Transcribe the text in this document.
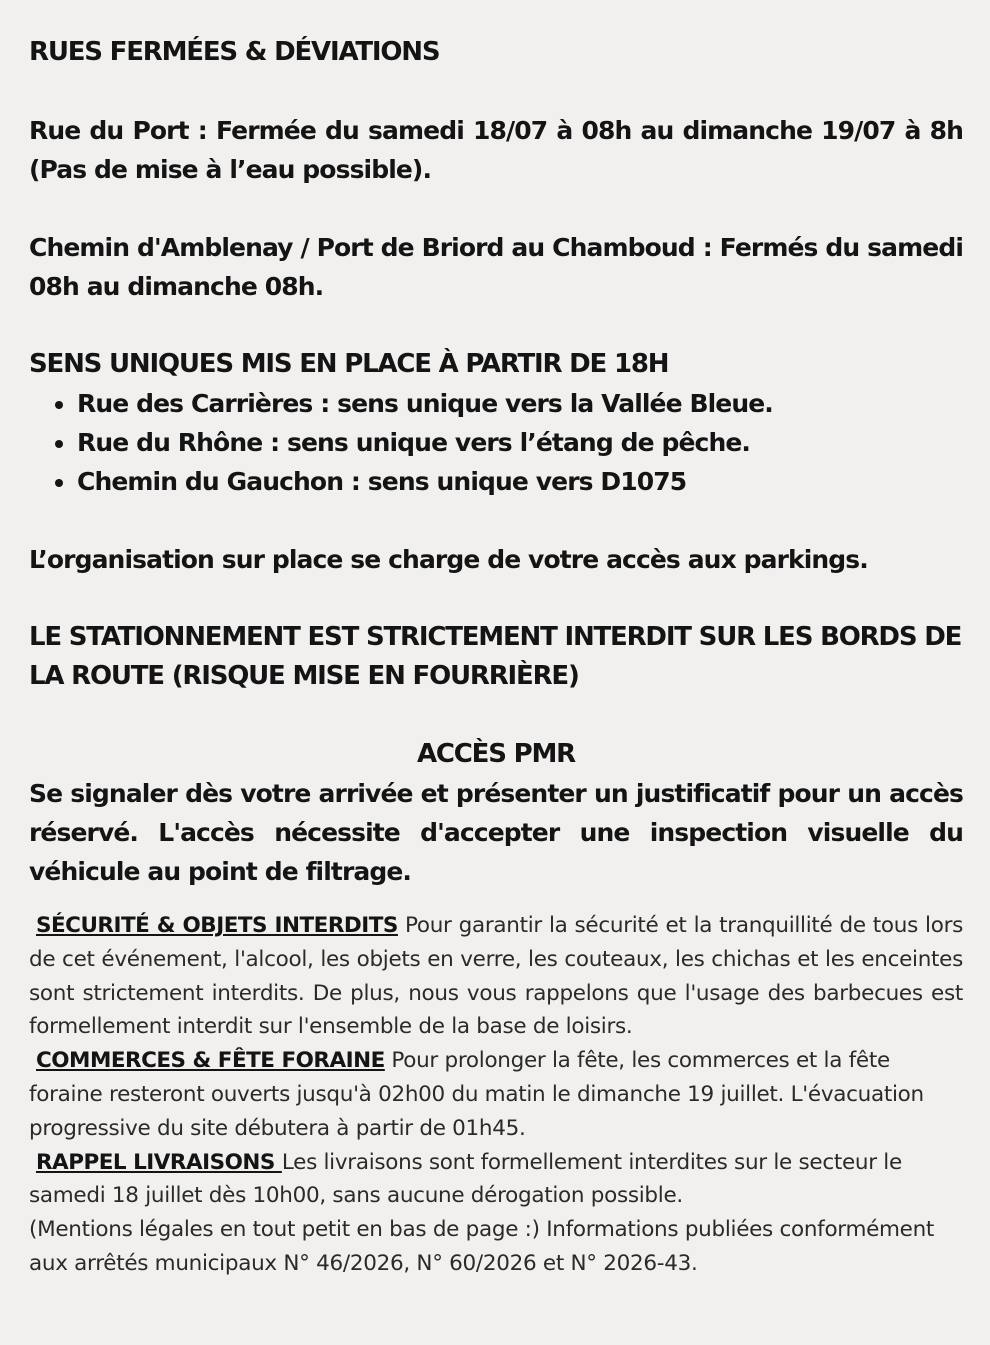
RUES FERMÉES & DÉVIATIONS

Rue du Port : Fermée du samedi 18/07 à 08h au dimanche 19/07 à 8h (Pas de mise à l’eau possible).

Chemin d'Amblenay / Port de Briord au Chamboud : Fermés du samedi 08h au dimanche 08h.

SENS UNIQUES MIS EN PLACE À PARTIR DE 18H
• Rue des Carrières : sens unique vers la Vallée Bleue.
• Rue du Rhône : sens unique vers l’étang de pêche.
• Chemin du Gauchon : sens unique vers D1075

L’organisation sur place se charge de votre accès aux parkings.

LE STATIONNEMENT EST STRICTEMENT INTERDIT SUR LES BORDS DE LA ROUTE (RISQUE MISE EN FOURRIÈRE)
ACCÈS PMR

Se signaler dès votre arrivée et présenter un justificatif pour un accès réservé. L'accès nécessite d'accepter une inspection visuelle du véhicule au point de filtrage.

SÉCURITÉ & OBJETS INTERDITS Pour garantir la sécurité et la tranquillité de tous lors de cet événement, l'alcool, les objets en verre, les couteaux, les chichas et les enceintes sont strictement interdits. De plus, nous vous rappelons que l'usage des barbecues est formellement interdit sur l'ensemble de la base de loisirs.

COMMERCES & FÊTE FORAINE Pour prolonger la fête, les commerces et la fête foraine resteront ouverts jusqu'à 02h00 du matin le dimanche 19 juillet. L'évacuation progressive du site débutera à partir de 01h45.

RAPPEL LIVRAISONS Les livraisons sont formellement interdites sur le secteur le samedi 18 juillet dès 10h00, sans aucune dérogation possible.

(Mentions légales en tout petit en bas de page :) Informations publiées conformément aux arrêtés municipaux N° 46/2026, N° 60/2026 et N° 2026-43.
